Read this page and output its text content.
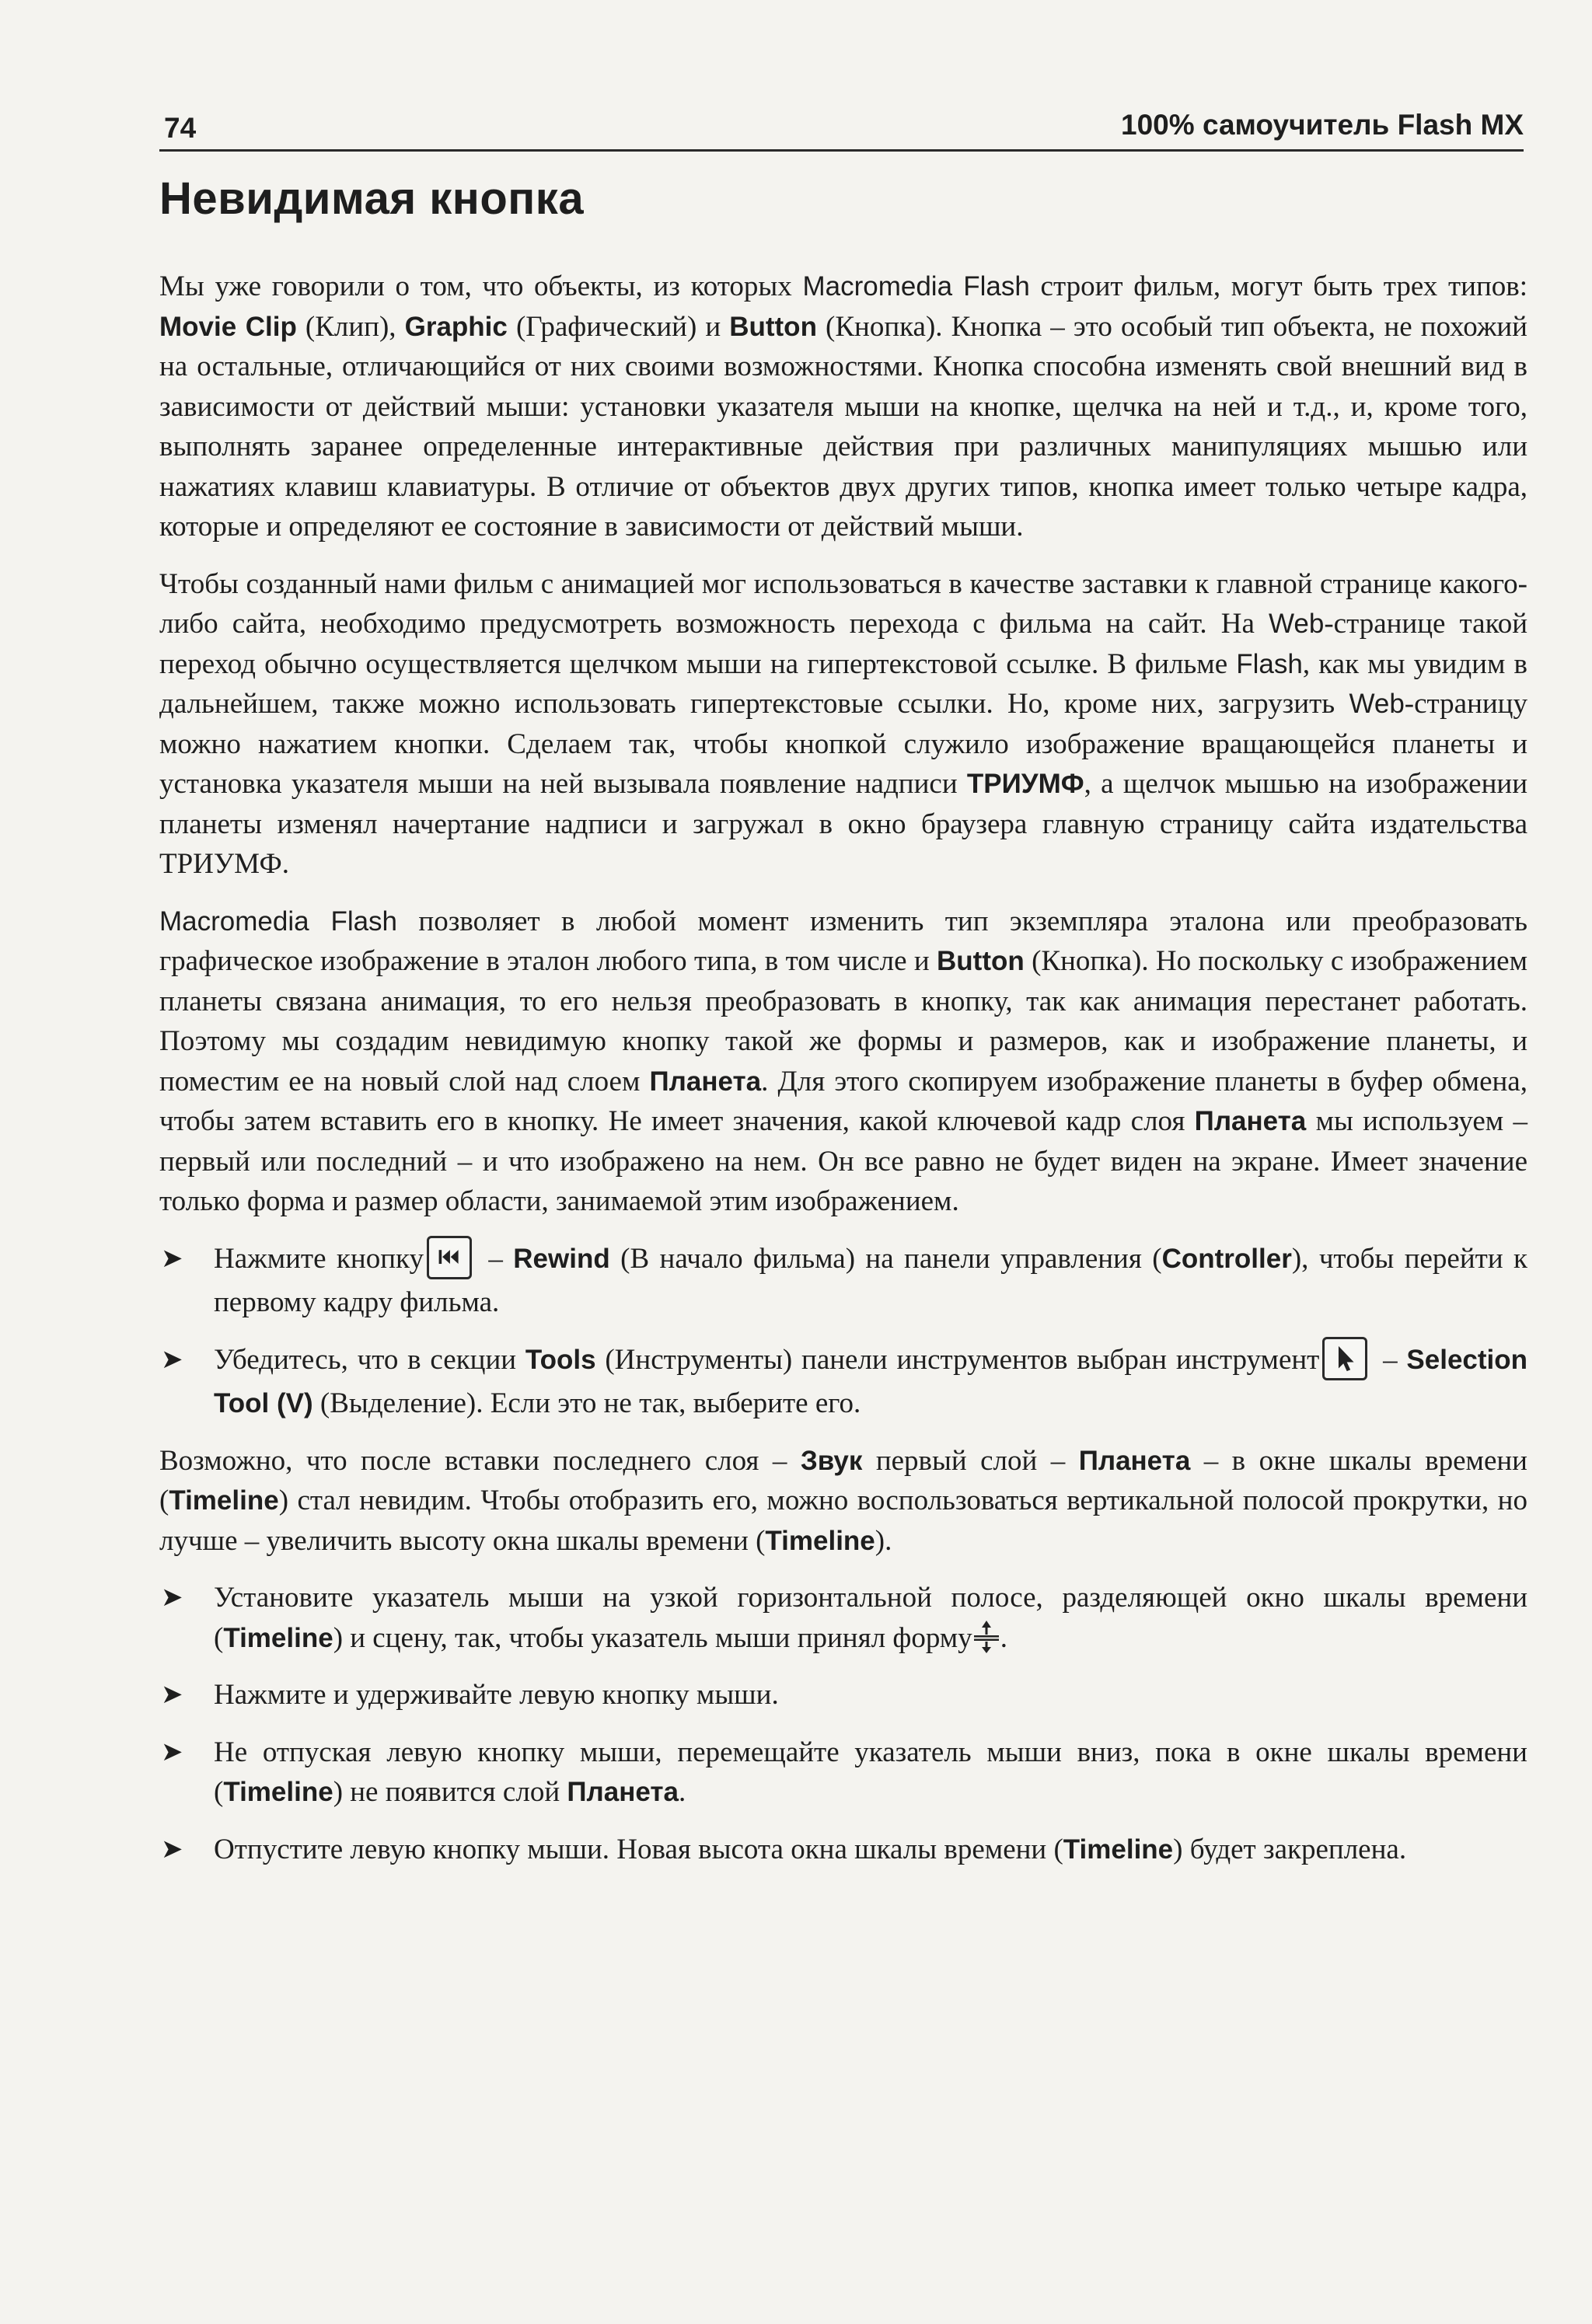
74	100% самоучитель Flash MX
Невидимая кнопка

Мы уже говорили о том, что объекты, из которых Macromedia Flash строит фильм, могут быть трех типов: Movie Clip (Клип), Graphic (Графический) и Button (Кнопка). Кнопка – это особый тип объекта, не похожий на остальные, отличающийся от них своими возможностями. Кнопка способна изменять свой внешний вид в зависимости от действий мыши: установки указателя мыши на кнопке, щелчка на ней и т.д., и, кроме того, выполнять заранее определенные интерактивные действия при различных манипуляциях мышью или нажатиях клавиш клавиатуры. В отличие от объектов двух других типов, кнопка имеет только четыре кадра, которые и определяют ее состояние в зависимости от действий мыши.

Чтобы созданный нами фильм с анимацией мог использоваться в качестве заставки к главной странице какого-либо сайта, необходимо предусмотреть возможность перехода с фильма на сайт. На Web-странице такой переход обычно осуществляется щелчком мыши на гипертекстовой ссылке. В фильме Flash, как мы увидим в дальнейшем, также можно использовать гипертекстовые ссылки. Но, кроме них, загрузить Web-страницу можно нажатием кнопки. Сделаем так, чтобы кнопкой служило изображение вращающейся планеты и установка указателя мыши на ней вызывала появление надписи ТРИУМФ, а щелчок мышью на изображении планеты изменял начертание надписи и загружал в окно браузера главную страницу сайта издательства ТРИУМФ.

Macromedia Flash позволяет в любой момент изменить тип экземпляра эталона или преобразовать графическое изображение в эталон любого типа, в том числе и Button (Кнопка). Но поскольку с изображением планеты связана анимация, то его нельзя преобразовать в кнопку, так как анимация перестанет работать. Поэтому мы создадим невидимую кнопку такой же формы и размеров, как и изображение планеты, и поместим ее на новый слой над слоем Планета. Для этого скопируем изображение планеты в буфер обмена, чтобы затем вставить его в кнопку. Не имеет значения, какой ключевой кадр слоя Планета мы используем – первый или последний – и что изображено на нем. Он все равно не будет виден на экране. Имеет значение только форма и размер области, занимаемой этим изображением.

➤ Нажмите кнопку
– Rewind (В начало фильма) на панели управления (Controller), чтобы перейти к первому кадру фильма.
➤ Убедитесь, что в секции Tools (Инструменты) панели инструментов выбран инструмент
– Selection Tool (V) (Выделение). Если это не так, выберите его.

Возможно, что после вставки последнего слоя – Звук первый слой – Планета – в окне шкалы времени (Timeline) стал невидим. Чтобы отобразить его, можно воспользоваться вертикальной полосой прокрутки, но лучше – увеличить высоту окна шкалы времени (Timeline).

➤ Установите указатель мыши на узкой горизонтальной полосе, разделяющей окно шкалы времени (Timeline) и сцену, так, чтобы указатель мыши принял форму .
➤ Нажмите и удерживайте левую кнопку мыши.
➤ Не отпуская левую кнопку мыши, перемещайте указатель мыши вниз, пока в окне шкалы времени (Timeline) не появится слой Планета.
➤ Отпустите левую кнопку мыши. Новая высота окна шкалы времени (Timeline) будет закреплена.
